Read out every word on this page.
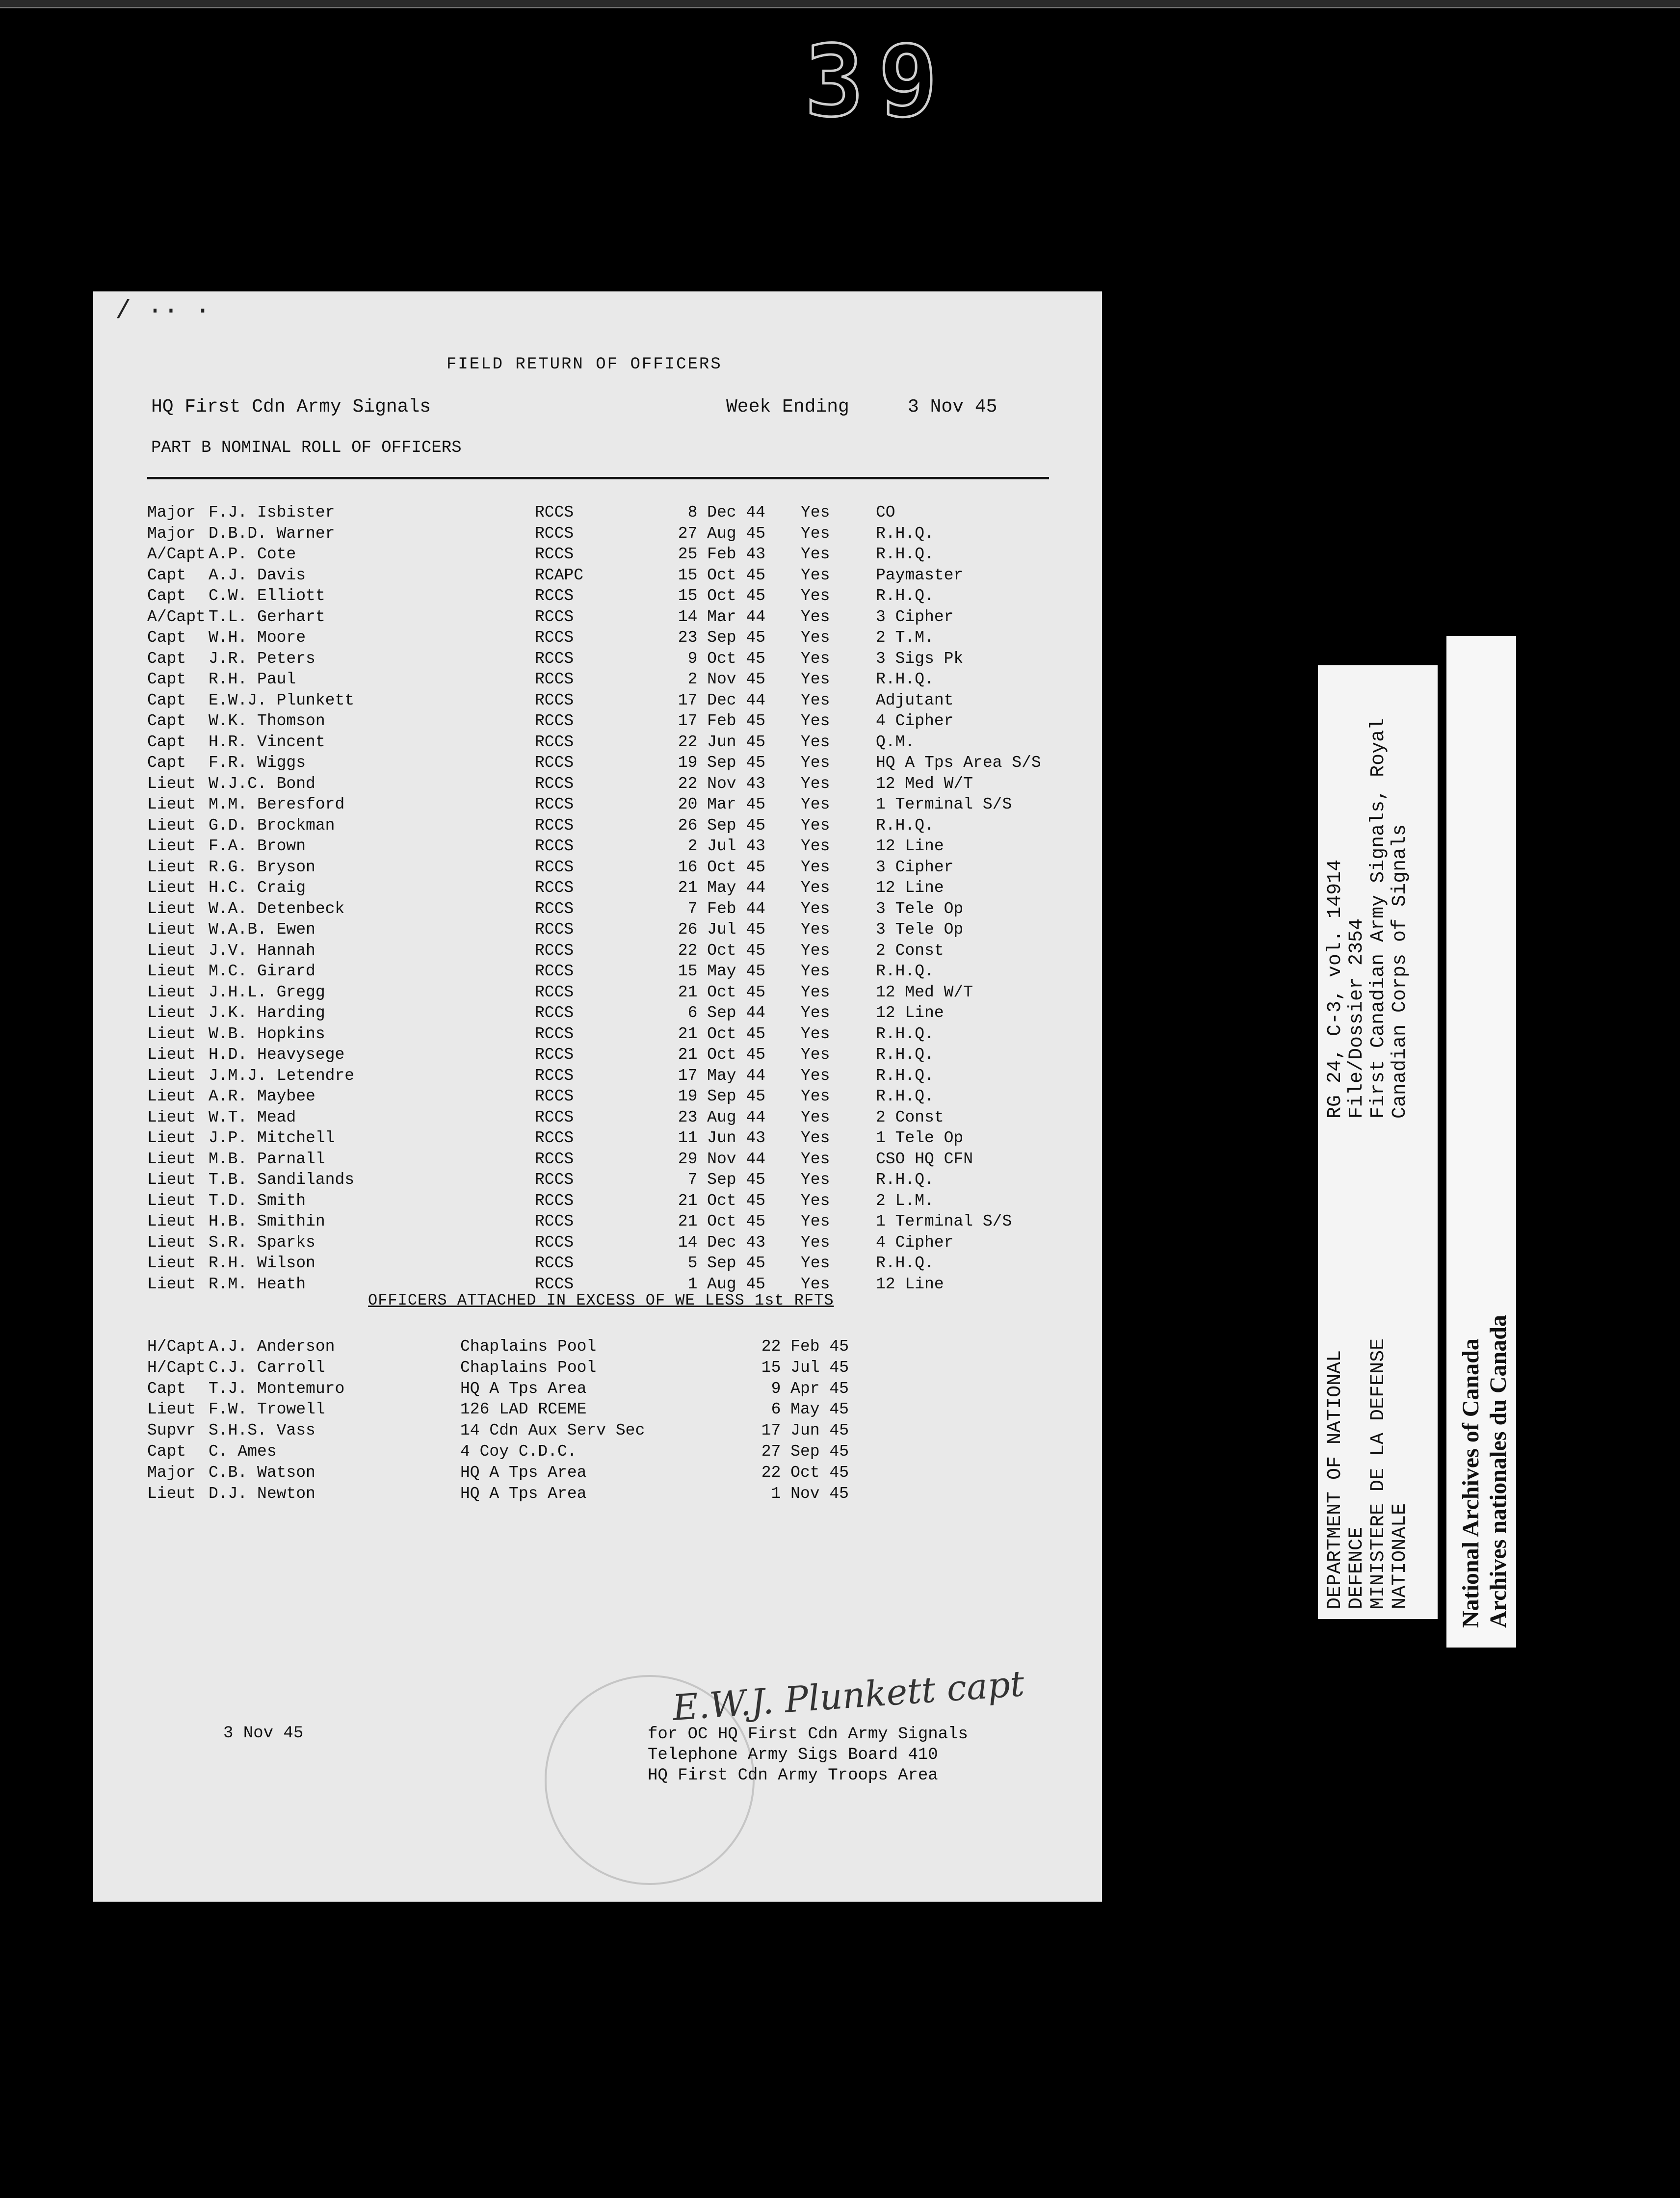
39
/ ·· ·
FIELD RETURN OF OFFICERS
HQ First Cdn Army Signals	Week Ending	3 Nov 45
PART B NOMINAL ROLL OF OFFICERS
Major F.J. Isbister	RCCS	8 Dec 44 Yes	CO
Major D.B.D. Warner	RCCS	27 Aug 45 Yes	R.H.Q.
A/Capt A.P. Cote	RCCS	25 Feb 43 Yes	R.H.Q.
Capt A.J. Davis	RCAPC	15 Oct 45 Yes	Paymaster
Capt C.W. Elliott	RCCS	15 Oct 45 Yes	R.H.Q.
A/Capt T.L. Gerhart	RCCS	14 Mar 44 Yes	3 Cipher
Capt W.H. Moore	RCCS	23 Sep 45 Yes	2 T.M.
Capt J.R. Peters	RCCS	9 Oct 45 Yes	3 Sigs Pk
Capt R.H. Paul	RCCS	2 Nov 45 Yes	R.H.Q.
Capt E.W.J. Plunkett	RCCS	17 Dec 44 Yes	Adjutant
Capt W.K. Thomson	RCCS	17 Feb 45 Yes	4 Cipher
Capt H.R. Vincent	RCCS	22 Jun 45 Yes	Q.M.
Capt F.R. Wiggs	RCCS	19 Sep 45 Yes	HQ A Tps Area S/S
Lieut W.J.C. Bond	RCCS	22 Nov 43 Yes	12 Med W/T
Lieut M.M. Beresford	RCCS	20 Mar 45 Yes	1 Terminal S/S
Lieut G.D. Brockman	RCCS	26 Sep 45 Yes	R.H.Q.
Lieut F.A. Brown	RCCS	2 Jul 43 Yes	12 Line
Lieut R.G. Bryson	RCCS	16 Oct 45 Yes	3 Cipher
Lieut H.C. Craig	RCCS	21 May 44 Yes	12 Line
Lieut W.A. Detenbeck	RCCS	7 Feb 44 Yes	3 Tele Op
Lieut W.A.B. Ewen	RCCS	26 Jul 45 Yes	3 Tele Op
Lieut J.V. Hannah	RCCS	22 Oct 45 Yes	2 Const
Lieut M.C. Girard	RCCS	15 May 45 Yes	R.H.Q.
Lieut J.H.L. Gregg	RCCS	21 Oct 45 Yes	12 Med W/T
Lieut J.K. Harding	RCCS	6 Sep 44 Yes	12 Line
Lieut W.B. Hopkins	RCCS	21 Oct 45 Yes	R.H.Q.
Lieut H.D. Heavysege	RCCS	21 Oct 45 Yes	R.H.Q.
Lieut J.M.J. Letendre	RCCS	17 May 44 Yes	R.H.Q.
Lieut A.R. Maybee	RCCS	19 Sep 45 Yes	R.H.Q.
Lieut W.T. Mead	RCCS	23 Aug 44 Yes	2 Const
Lieut J.P. Mitchell	RCCS	11 Jun 43 Yes	1 Tele Op
Lieut M.B. Parnall	RCCS	29 Nov 44 Yes	CSO HQ CFN
Lieut T.B. Sandilands	RCCS	7 Sep 45 Yes	R.H.Q.
Lieut T.D. Smith	RCCS	21 Oct 45 Yes	2 L.M.
Lieut H.B. Smithin	RCCS	21 Oct 45 Yes	1 Terminal S/S
Lieut S.R. Sparks	RCCS	14 Dec 43 Yes	4 Cipher
Lieut R.H. Wilson	RCCS	5 Sep 45 Yes	R.H.Q.
Lieut R.M. Heath	RCCS	1 Aug 45 Yes	12 Line
OFFICERS ATTACHED IN EXCESS OF WE LESS 1st RFTS
H/Capt A.J. Anderson	Chaplains Pool	22 Feb 45
H/Capt C.J. Carroll	Chaplains Pool	15 Jul 45
Capt T.J. Montemuro	HQ A Tps Area	9 Apr 45
Lieut F.W. Trowell	126 LAD RCEME	6 May 45
Supvr S.H.S. Vass	14 Cdn Aux Serv Sec	17 Jun 45
Capt C. Ames	4 Coy C.D.C.	27 Sep 45
Major C.B. Watson	HQ A Tps Area	22 Oct 45
Lieut D.J. Newton	HQ A Tps Area	1 Nov 45
3 Nov 45
E.W.J. Plunkett capt
for OC HQ First Cdn Army Signals
Telephone Army Sigs Board 410
HQ First Cdn Army Troops Area
DEPARTMENT OF NATIONAL DEFENCE MINISTERE DE LA DEFENSE NATIONALE
RG 24, C-3, vol. 14914 File/Dossier 2354 First Canadian Army Signals, Royal Canadian Corps of Signals
National Archives of Canada Archives nationales du Canada
